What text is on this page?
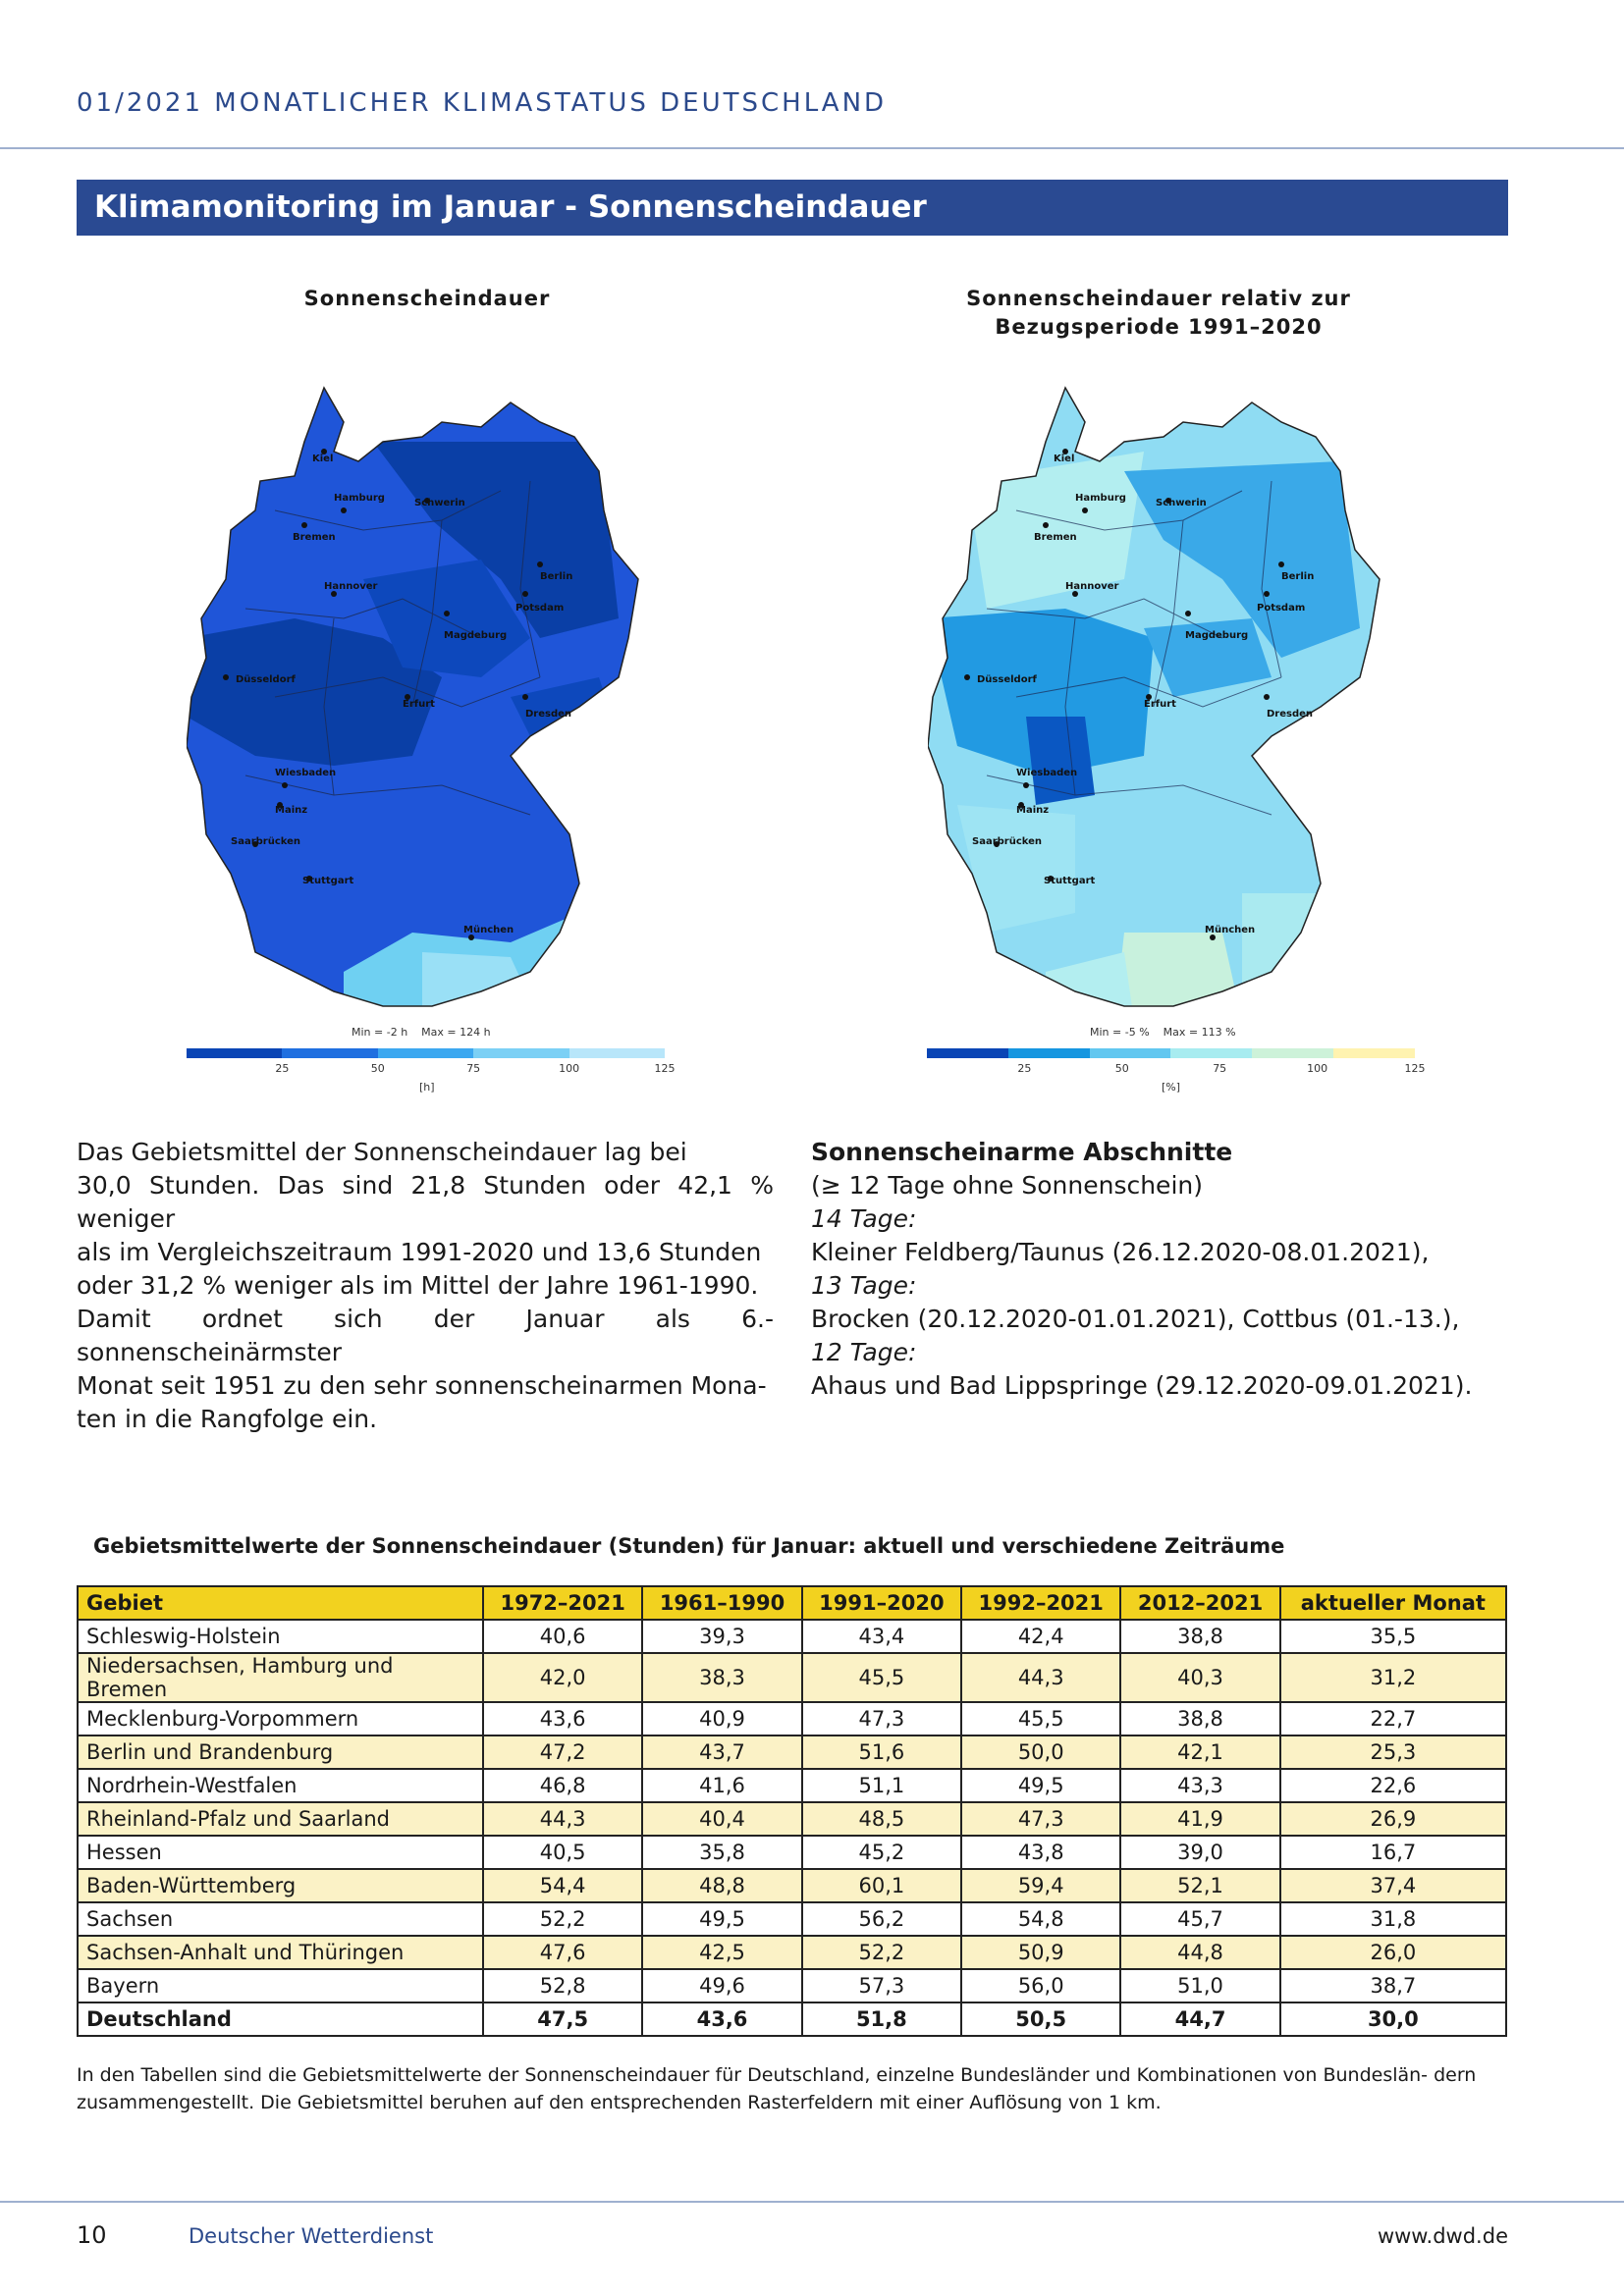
01/2021 MONATLICHER KLIMASTATUS DEUTSCHLAND
Klimamonitoring im Januar - Sonnenscheindauer
Sonnenscheindauer
Kiel
Hamburg	Schwerin
Bremen
Berlin
Hannover
Potsdam
Magdeburg
Düsseldorf
Erfurt
Dresden
Wiesbaden
Mainz
Saarbrücken
Stuttgart
München
Min = -2 h Max = 124 h
25	50	75	100	125
[h]
Sonnenscheindauer relativ zur
Bezugsperiode 1991–2020
Kiel
Hamburg	Schwerin
Bremen
Berlin
Hannover
Potsdam
Magdeburg
Düsseldorf
Erfurt
Dresden
Wiesbaden
Mainz
Saarbrücken
Stuttgart
München
Min = -5 % Max = 113 %
25	50	75	100	125
[%]
Das Gebietsmittel der Sonnenscheindauer lag bei
30,0 Stunden. Das sind 21,8 Stunden oder 42,1 % weniger
als im Vergleichszeitraum 1991-2020 und 13,6 Stunden
oder 31,2 % weniger als im Mittel der Jahre 1961-1990.
Damit ordnet sich der Januar als 6.-sonnenscheinärmster
Monat seit 1951 zu den sehr sonnenscheinarmen Mona-
ten in die Rangfolge ein.
Sonnenscheinarme Abschnitte
(≥ 12 Tage ohne Sonnenschein)
14 Tage:
Kleiner Feldberg/Taunus (26.12.2020-08.01.2021),
13 Tage:
Brocken (20.12.2020-01.01.2021), Cottbus (01.-13.),
12 Tage:
Ahaus und Bad Lippspringe (29.12.2020-09.01.2021).
Gebietsmittelwerte der Sonnenscheindauer (Stunden) für Januar: aktuell und verschiedene Zeiträume
Gebiet	1972–2021	1961–1990	1991–2020	1992–2021	2012–2021	aktueller Monat
Schleswig-Holstein	40,6	39,3	43,4	42,4	38,8	35,5
Niedersachsen, Hamburg und Bremen	42,0	38,3	45,5	44,3	40,3	31,2
Mecklenburg-Vorpommern	43,6	40,9	47,3	45,5	38,8	22,7
Berlin und Brandenburg	47,2	43,7	51,6	50,0	42,1	25,3
Nordrhein-Westfalen	46,8	41,6	51,1	49,5	43,3	22,6
Rheinland-Pfalz und Saarland	44,3	40,4	48,5	47,3	41,9	26,9
Hessen	40,5	35,8	45,2	43,8	39,0	16,7
Baden-Württemberg	54,4	48,8	60,1	59,4	52,1	37,4
Sachsen	52,2	49,5	56,2	54,8	45,7	31,8
Sachsen-Anhalt und Thüringen	47,6	42,5	52,2	50,9	44,8	26,0
Bayern	52,8	49,6	57,3	56,0	51,0	38,7
Deutschland	47,5	43,6	51,8	50,5	44,7	30,0
In den Tabellen sind die Gebietsmittelwerte der Sonnenscheindauer für Deutschland, einzelne Bundesländer und Kombinationen von Bundeslän- dern zusammengestellt. Die Gebietsmittel beruhen auf den entsprechenden Rasterfeldern mit einer Auflösung von 1 km.
10	Deutscher Wetterdienst	www.dwd.de
